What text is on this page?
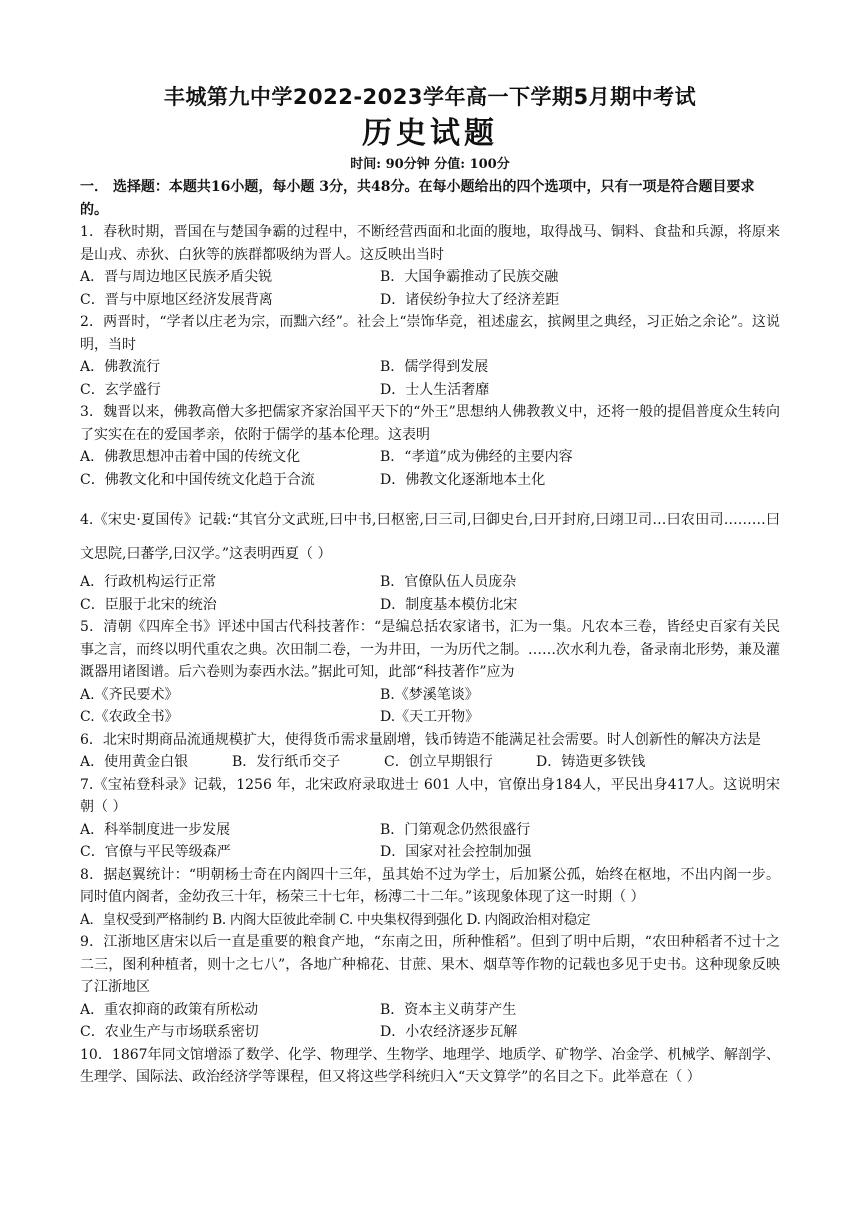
丰城第九中学2022-2023学年高一下学期5月期中考试
历史试题
时间: 90分钟 分值: 100分
一． 选择题：本题共16小题，每小题 3分，共48分。在每小题给出的四个选项中，只有一项是符合题目要求的。
1．春秋时期，晋国在与楚国争霸的过程中，不断经营西面和北面的腹地，取得战马、铜料、食盐和兵源，将原来是山戎、赤狄、白狄等的族群都吸纳为晋人。这反映出当时
A．晋与周边地区民族矛盾尖锐	B．大国争霸推动了民族交融
C．晋与中原地区经济发展背离	D．诸侯纷争拉大了经济差距
2．两晋时，“学者以庄老为宗，而黜六经”。社会上“崇饰华竞，祖述虚玄，摈阙里之典经，习正始之余论”。这说明，当时
A．佛教流行	B．儒学得到发展
C．玄学盛行	D．士人生活奢靡
3．魏晋以来，佛教高僧大多把儒家齐家治国平天下的“外王”思想纳人佛教教义中，还将一般的提倡普度众生转向了实实在在的爱国孝亲，依附于儒学的基本伦理。这表明
A．佛教思想冲击着中国的传统文化	B．“孝道”成为佛经的主要内容
C．佛教文化和中国传统文化趋于合流	D．佛教文化逐渐地本土化
4.《宋史·夏国传》记载:“其官分文武班,曰中书,曰枢密,曰三司,曰御史台,曰开封府,曰翊卫司…曰农田司………曰文思院,曰蕃学,曰汉学。”这表明西夏（ ）
A．行政机构运行正常	B．官僚队伍人员庞杂
C．臣服于北宋的统治	D．制度基本模仿北宋
5．清朝《四库全书》评述中国古代科技著作：“是编总括农家诸书，汇为一集。凡农本三卷，皆经史百家有关民事之言，而终以明代重农之典。次田制二卷，一为井田，一为历代之制。……次水利九卷，备录南北形势，兼及灌溉器用诸图谱。后六卷则为泰西水法。”据此可知，此部“科技著作”应为
A.《齐民要术》	B.《梦溪笔谈》
C.《农政全书》	D.《天工开物》
6．北宋时期商品流通规模扩大，使得货币需求量剧增，钱币铸造不能满足社会需要。时人创新性的解决方法是
A．使用黄金白银	B．发行纸币交子	C．创立早期银行	D．铸造更多铁钱
7.《宝祐登科录》记载，1256 年，北宋政府录取进士 601 人中，官僚出身184人，平民出身417人。这说明宋朝（ ）
A．科举制度进一步发展	B．门第观念仍然很盛行
C．官僚与平民等级森严	D．国家对社会控制加强
8．据赵翼统计：“明朝杨士奇在内阁四十三年，虽其始不过为学士，后加紧公孤，始终在枢地，不出内阁一步。同时值内阁者，金幼孜三十年，杨荣三十七年，杨溥二十二年。”该现象体现了这一时期（ ）
A．皇权受到严格制约 B. 内阁大臣彼此牵制 C. 中央集权得到强化 D. 内阁政治相对稳定
9．江浙地区唐宋以后一直是重要的粮食产地，“东南之田，所种惟稻”。但到了明中后期，“农田种稻者不过十之二三，图利种植者，则十之七八”，各地广种棉花、甘蔗、果木、烟草等作物的记载也多见于史书。这种现象反映了江浙地区
A．重农抑商的政策有所松动	B．资本主义萌芽产生
C．农业生产与市场联系密切	D．小农经济逐步瓦解
10．1867年同文馆增添了数学、化学、物理学、生物学、地理学、地质学、矿物学、冶金学、机械学、解剖学、生理学、国际法、政治经济学等课程，但又将这些学科统归入“天文算学”的名目之下。此举意在（ ）
